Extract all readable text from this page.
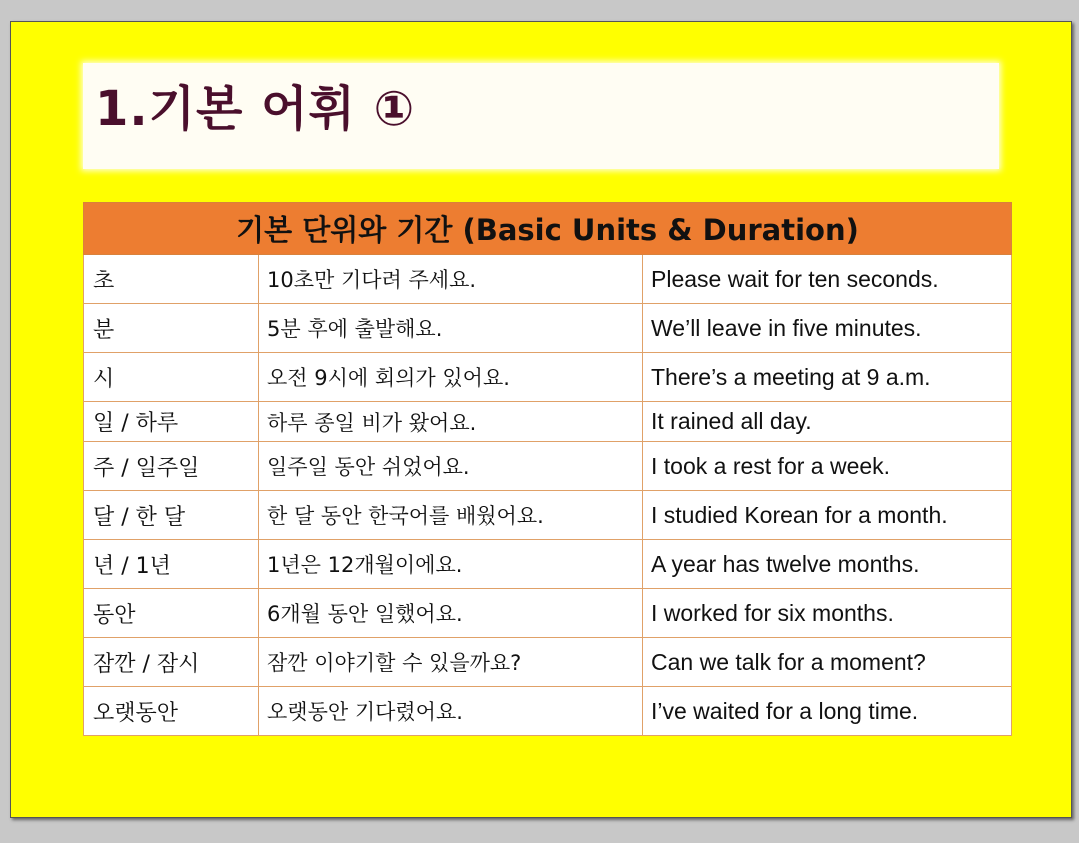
1.기본 어휘 ①
기본 단위와 기간 (Basic Units & Duration)		
초	10초만 기다려 주세요.	Please wait for ten seconds.
분	5분 후에 출발해요.	We’ll leave in five minutes.
시	오전 9시에 회의가 있어요.	There’s a meeting at 9 a.m.
일 / 하루	하루 종일 비가 왔어요.	It rained all day.
주 / 일주일	일주일 동안 쉬었어요.	I took a rest for a week.
달 / 한 달	한 달 동안 한국어를 배웠어요.	I studied Korean for a month.
년 / 1년	1년은 12개월이에요.	A year has twelve months.
동안	6개월 동안 일했어요.	I worked for six months.
잠깐 / 잠시	잠깐 이야기할 수 있을까요?	Can we talk for a moment?
오랫동안	오랫동안 기다렸어요.	I’ve waited for a long time.
